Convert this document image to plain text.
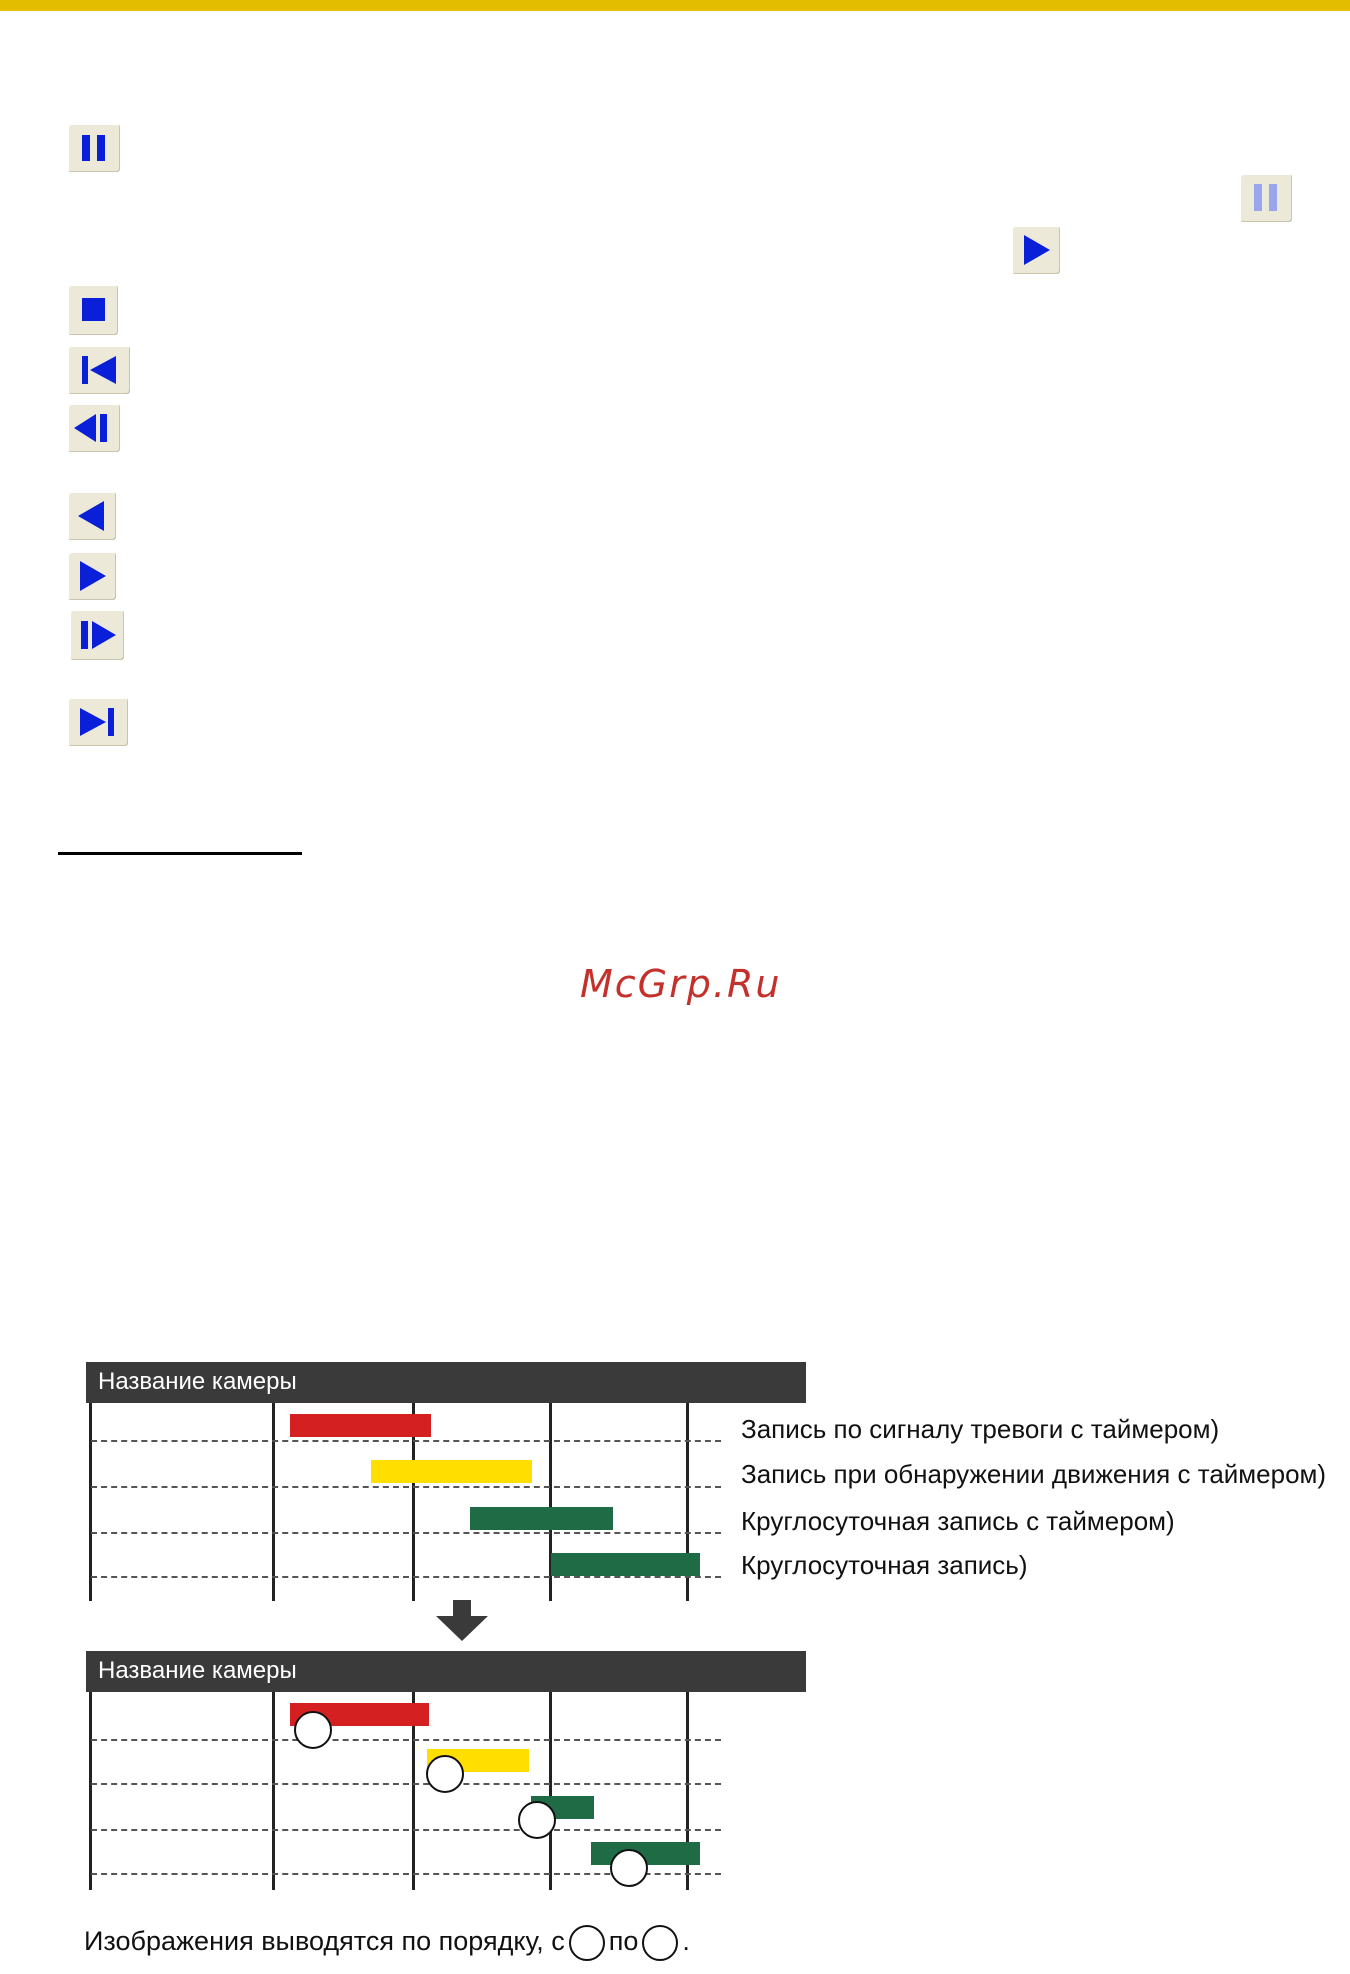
McGrp.Ru
Название камеры
Запись по сигналу тревоги с таймером)
Запись при обнаружении движения с таймером)
Круглосуточная запись с таймером)
Круглосуточная запись)
Название камеры
Изображения выводятся по порядку, с по .
